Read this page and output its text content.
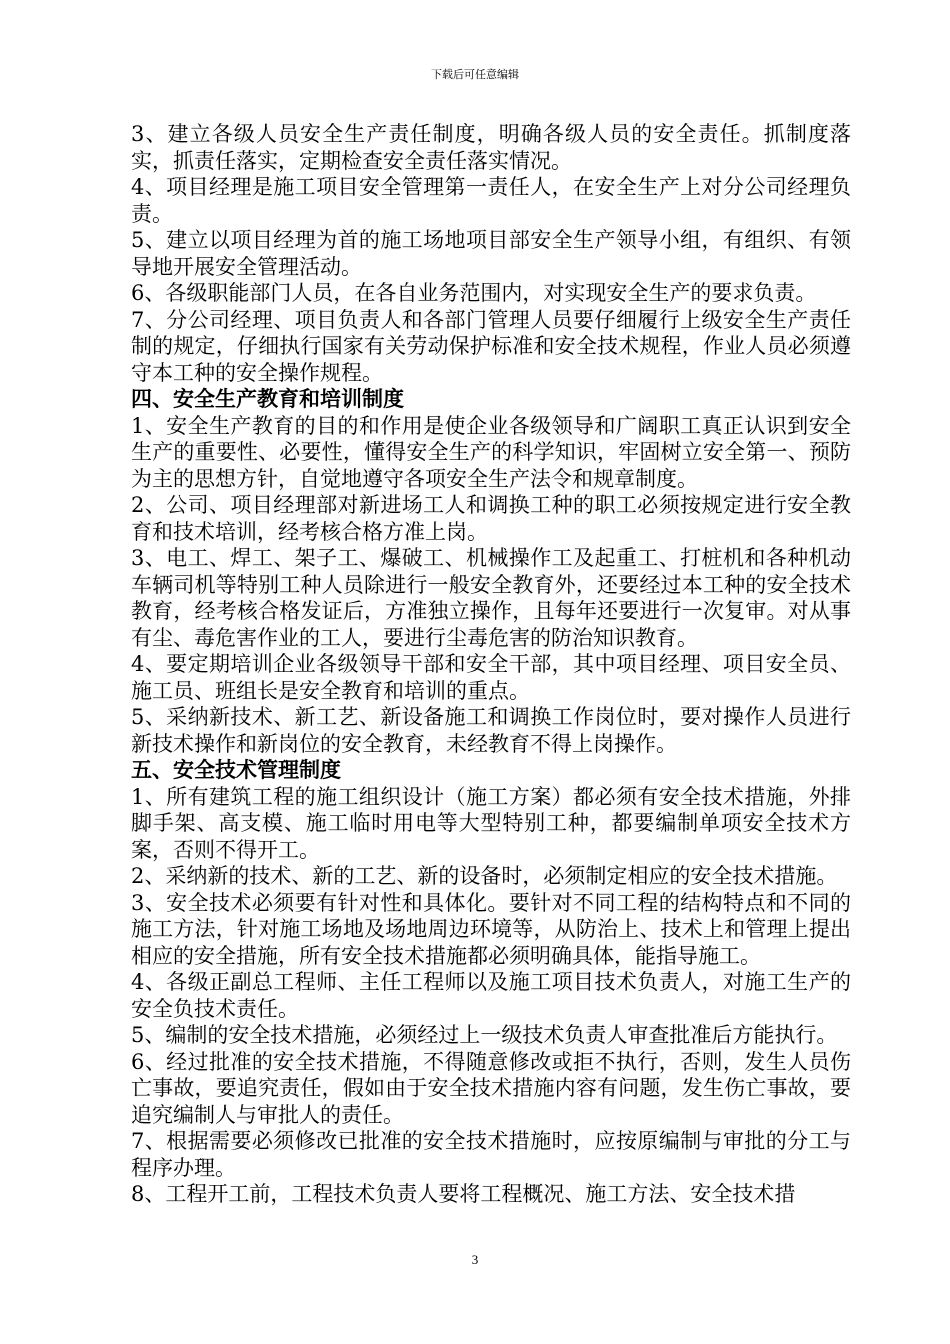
下载后可任意编辑

3、建立各级人员安全生产责任制度，明确各级人员的安全责任。抓制度落实，抓责任落实，定期检查安全责任落实情况。

4、项目经理是施工项目安全管理第一责任人，在安全生产上对分公司经理负责。

5、建立以项目经理为首的施工场地项目部安全生产领导小组，有组织、有领导地开展安全管理活动。

6、各级职能部门人员，在各自业务范围内，对实现安全生产的要求负责。

7、分公司经理、项目负责人和各部门管理人员要仔细履行上级安全生产责任制的规定，仔细执行国家有关劳动保护标准和安全技术规程，作业人员必须遵守本工种的安全操作规程。

四、安全生产教育和培训制度

1、安全生产教育的目的和作用是使企业各级领导和广阔职工真正认识到安全生产的重要性、必要性，懂得安全生产的科学知识，牢固树立安全第一、预防为主的思想方针，自觉地遵守各项安全生产法令和规章制度。

2、公司、项目经理部对新进场工人和调换工种的职工必须按规定进行安全教育和技术培训，经考核合格方准上岗。

3、电工、焊工、架子工、爆破工、机械操作工及起重工、打桩机和各种机动车辆司机等特别工种人员除进行一般安全教育外，还要经过本工种的安全技术教育，经考核合格发证后，方准独立操作，且每年还要进行一次复审。对从事有尘、毒危害作业的工人，要进行尘毒危害的防治知识教育。

4、要定期培训企业各级领导干部和安全干部，其中项目经理、项目安全员、施工员、班组长是安全教育和培训的重点。

5、采纳新技术、新工艺、新设备施工和调换工作岗位时，要对操作人员进行新技术操作和新岗位的安全教育，未经教育不得上岗操作。

五、安全技术管理制度

1、所有建筑工程的施工组织设计（施工方案）都必须有安全技术措施，外排脚手架、高支模、施工临时用电等大型特别工种，都要编制单项安全技术方案，否则不得开工。

2、采纳新的技术、新的工艺、新的设备时，必须制定相应的安全技术措施。

3、安全技术必须要有针对性和具体化。要针对不同工程的结构特点和不同的施工方法，针对施工场地及场地周边环境等，从防治上、技术上和管理上提出相应的安全措施，所有安全技术措施都必须明确具体，能指导施工。

4、各级正副总工程师、主任工程师以及施工项目技术负责人，对施工生产的安全负技术责任。

5、编制的安全技术措施，必须经过上一级技术负责人审查批准后方能执行。

6、经过批准的安全技术措施，不得随意修改或拒不执行，否则，发生人员伤亡事故，要追究责任，假如由于安全技术措施内容有问题，发生伤亡事故，要追究编制人与审批人的责任。

7、根据需要必须修改已批准的安全技术措施时，应按原编制与审批的分工与程序办理。

8、工程开工前，工程技术负责人要将工程概况、施工方法、安全技术措

3
